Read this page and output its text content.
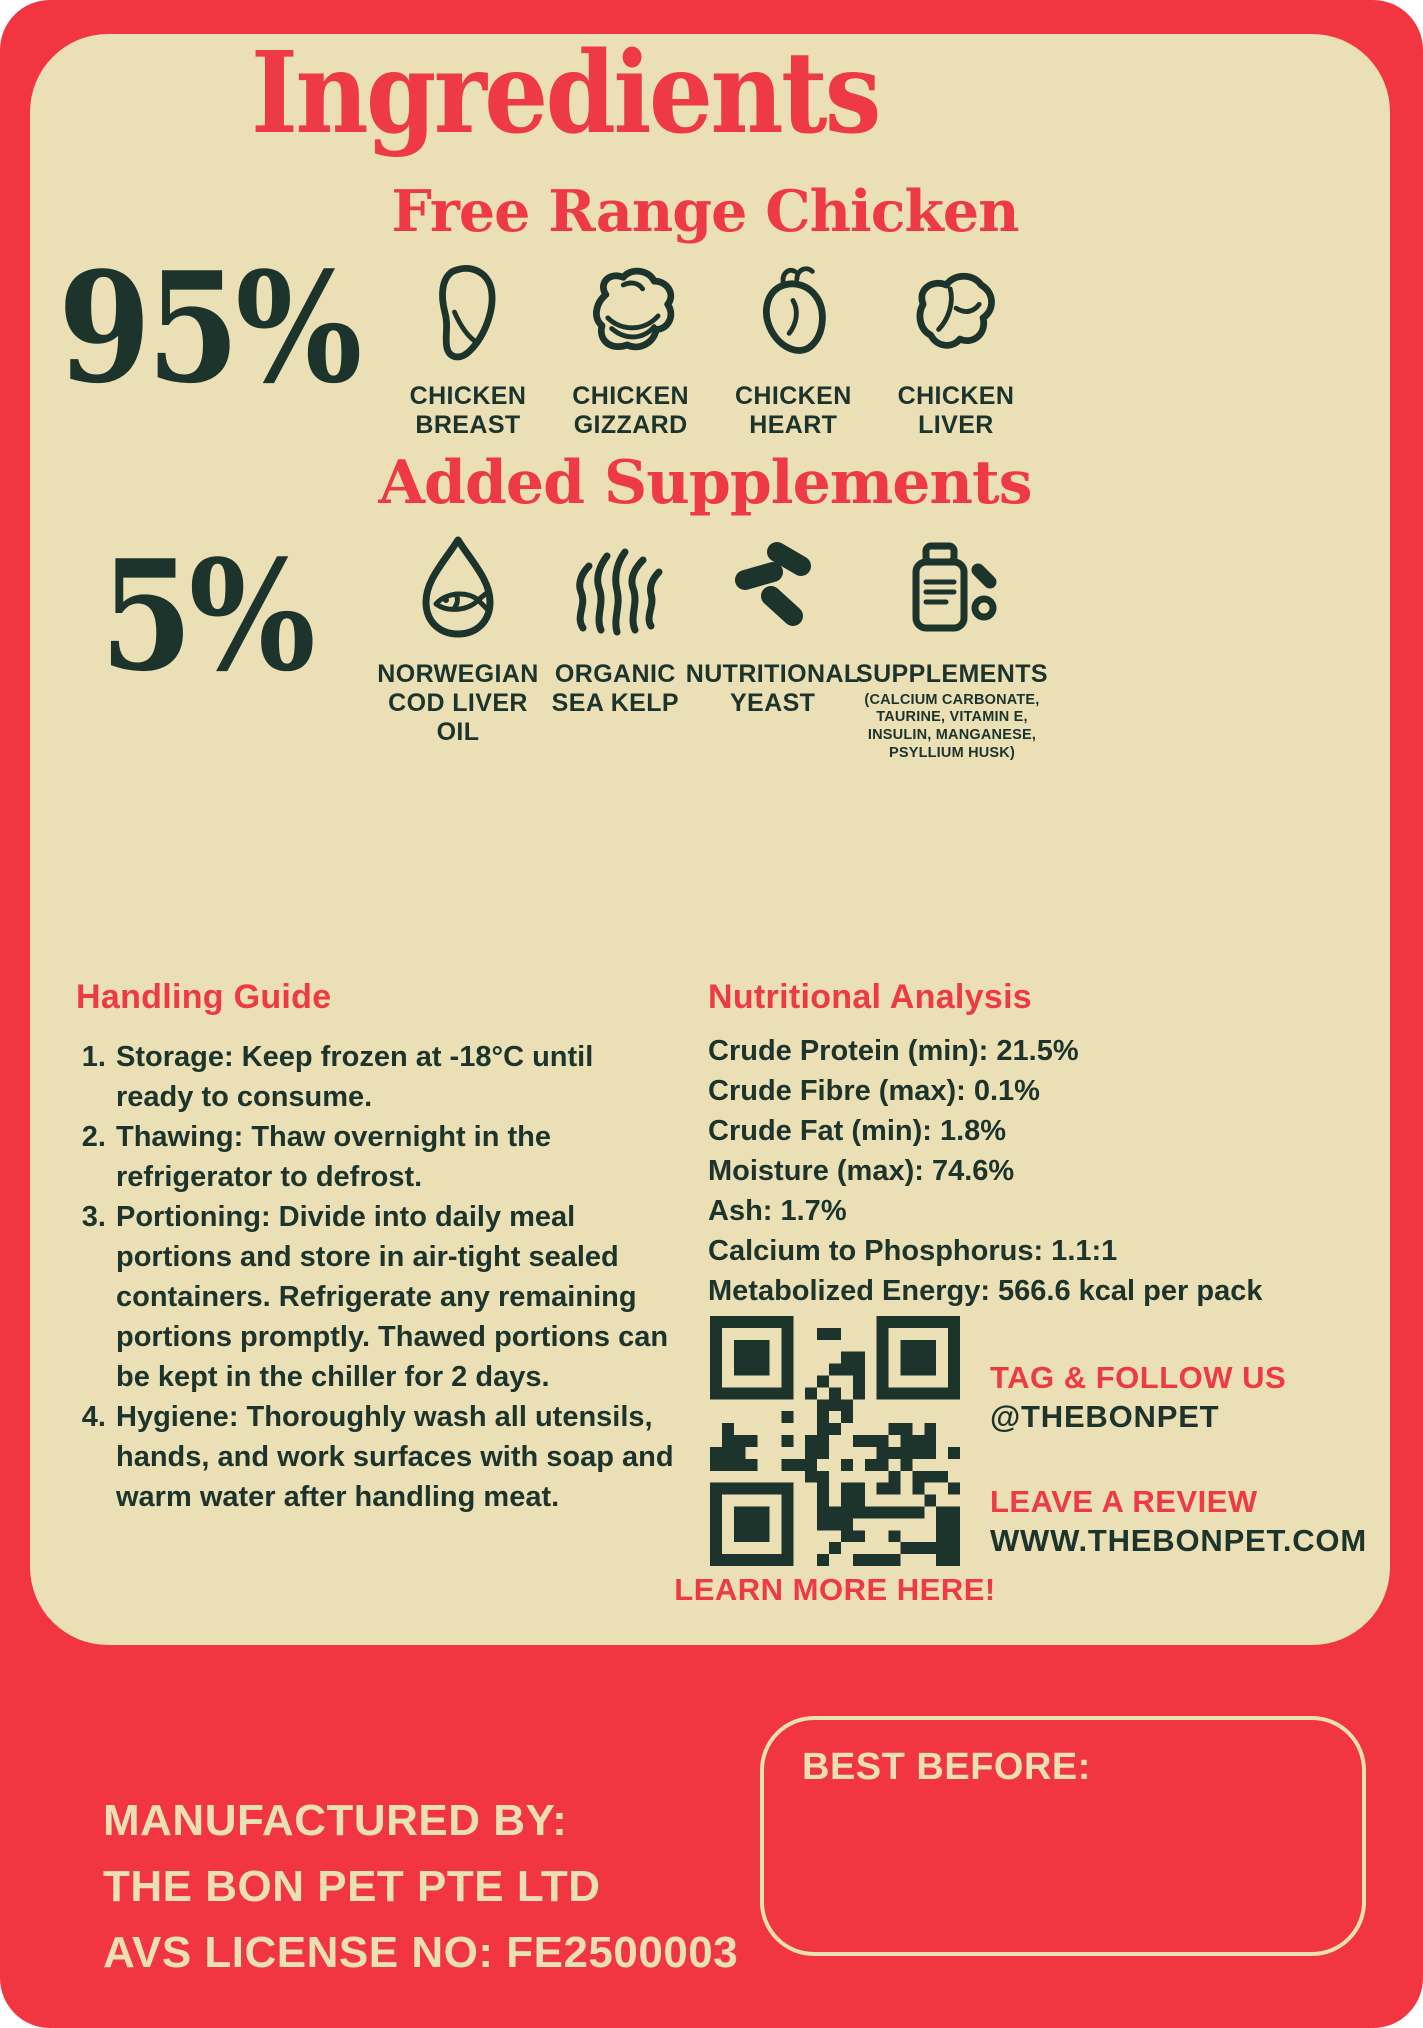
Ingredients
Free Range Chicken
95% CHICKEN
BREAST
CHICKEN
GIZZARD
CHICKEN
HEART
CHICKEN
LIVER
Added Supplements
5%	NORWEGIAN
COD LIVER OIL
ORGANIC
SEA KELP
NUTRITIONAL
YEAST
SUPPLEMENTS
(CALCIUM CARBONATE, TAURINE, VITAMIN E, INSULIN, MANGANESE, PSYLLIUM HUSK)
Handling Guide
1. Storage: Keep frozen at -18°C until ready to consume.
2. Thawing: Thaw overnight in the refrigerator to defrost.
3. Portioning: Divide into daily meal portions and store in air-tight sealed containers. Refrigerate any remaining portions promptly. Thawed portions can be kept in the chiller for 2 days.
4. Hygiene: Thoroughly wash all utensils, hands, and work surfaces with soap and warm water after handling meat.
Nutritional Analysis
Crude Protein (min): 21.5%
Crude Fibre (max): 0.1%
Crude Fat (min): 1.8%
Moisture (max): 74.6%
Ash: 1.7%
Calcium to Phosphorus: 1.1:1
Metabolized Energy: 566.6 kcal per pack
LEARN MORE HERE!
TAG & FOLLOW US
@THEBONPET
LEAVE A REVIEW
WWW.THEBONPET.COM
MANUFACTURED BY:
THE BON PET PTE LTD
AVS LICENSE NO: FE2500003
BEST BEFORE:
